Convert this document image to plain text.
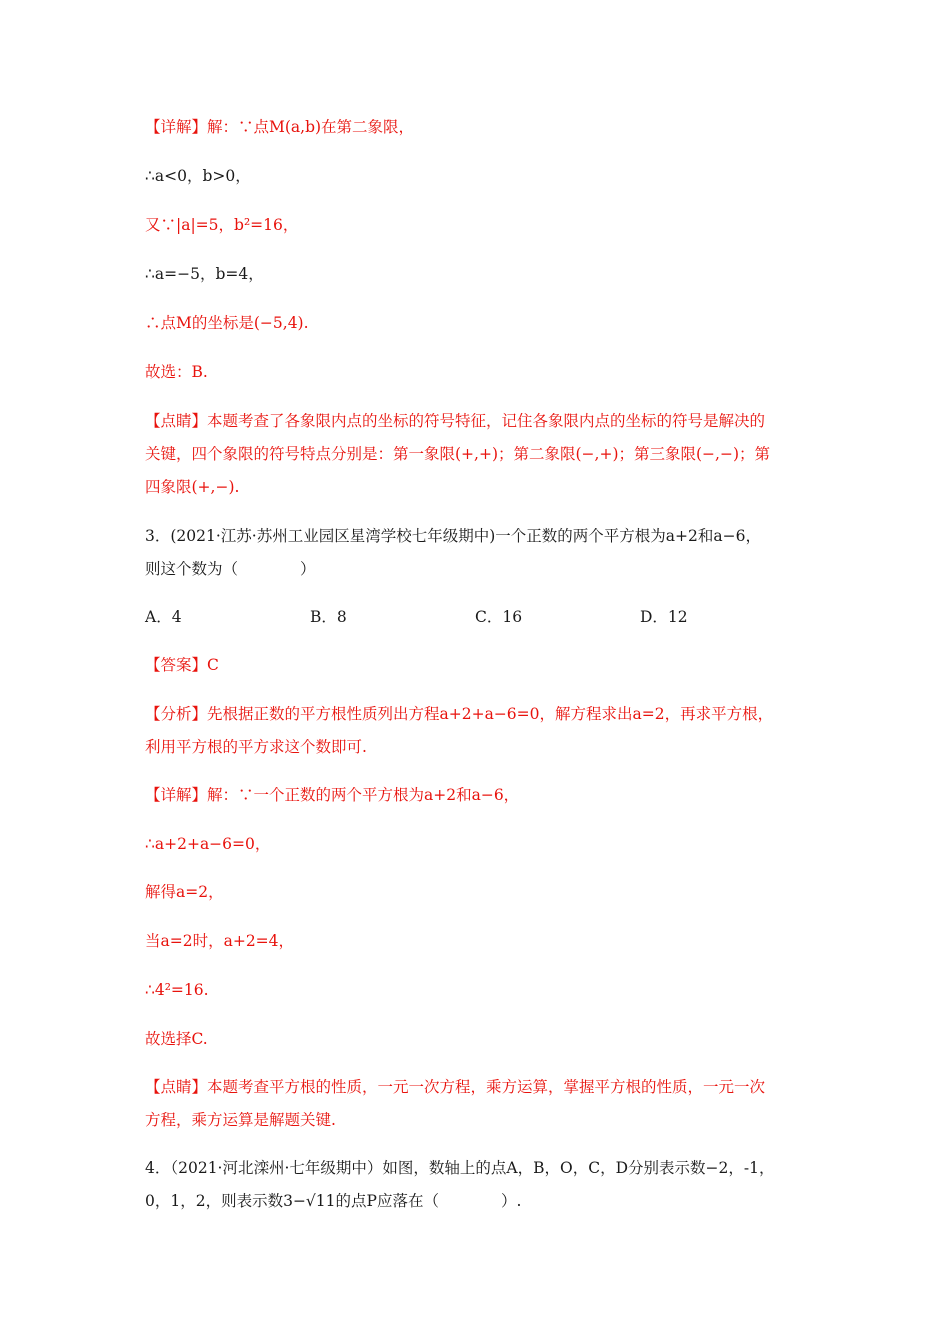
【详解】解：∵点M(a,b)在第二象限，
∴a<0，b>0，
又∵|a|=5，b²=16，
∴a=−5，b=4，
∴点M的坐标是(−5,4).
故选：B.
【点睛】本题考查了各象限内点的坐标的符号特征，记住各象限内点的坐标的符号是解决的
关键，四个象限的符号特点分别是：第一象限(+,+)；第二象限(−,+)；第三象限(−,−)；第
四象限(+,−).
3．(2021·江苏·苏州工业园区星湾学校七年级期中)一个正数的两个平方根为a+2和a−6，
则这个数为（　　　　）
A．4	B．8	C．16	D．12
【答案】C
【分析】先根据正数的平方根性质列出方程a+2+a−6=0，解方程求出a=2，再求平方根，
利用平方根的平方求这个数即可.
【详解】解：∵一个正数的两个平方根为a+2和a−6，
∴a+2+a−6=0，
解得a=2，
当a=2时，a+2=4，
∴4²=16.
故选择C.
【点睛】本题考查平方根的性质，一元一次方程，乘方运算，掌握平方根的性质，一元一次
方程，乘方运算是解题关键.
4．（2021·河北滦州·七年级期中）如图，数轴上的点A，B，O，C，D分别表示数−2，-1，
0，1，2，则表示数3−√11的点P应落在（　　　　）.
